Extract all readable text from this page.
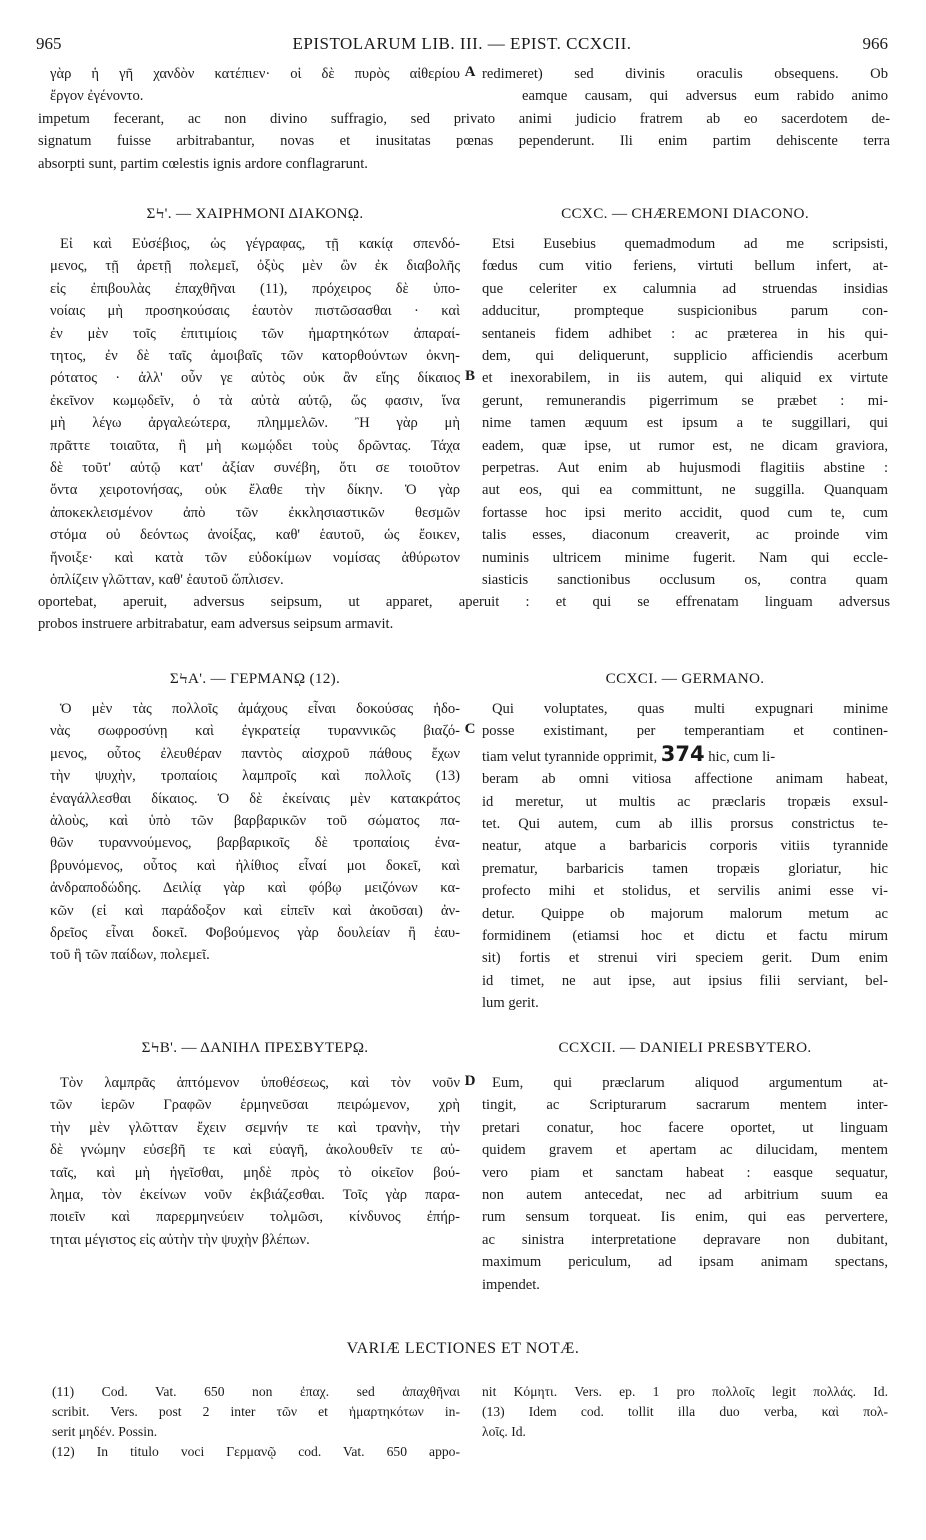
965	EPISTOLARUM LIB. III. — EPIST. CCXCII.	966
γὰρ ἡ γῆ χανδὸν κατέπιεν· οἱ δὲ πυρὸς αἰθερίου
ἔργον ἐγένοντο.
A redimeret) sed divinis oraculis obsequens. Ob
eamque causam, qui adversus eum rabido animo
impetum fecerant, ac non divino suffragio, sed privato animi judicio fratrem ab eo sacerdotem de-
signatum fuisse arbitrabantur, novas et inusitatas pœnas pependerunt. Ili enim partim dehiscente terra
absorpti sunt, partim cœlestis ignis ardore conflagrarunt.
ΣϞ'. — ΧΑΙΡΗΜΟΝΙ ΔΙΑΚΟΝῼ.	CCXC. — CHÆREMONI DIACONO.
Εἰ καὶ Εὐσέβιος, ὡς γέγραφας, τῇ κακίᾳ σπενδό-
μενος, τῇ ἀρετῇ πολεμεῖ, ὀξὺς μὲν ὢν ἐκ διαβολῆς
εἰς ἐπιβουλὰς ἐπαχθῆναι (11), πρόχειρος δὲ ὑπο-
νοίαις μὴ προσηκούσαις ἑαυτὸν πιστῶσασθαι · καὶ
ἐν μὲν τοῖς ἐπιτιμίοις τῶν ἡμαρτηκότων ἀπαραί-
τητος, ἐν δὲ ταῖς ἀμοιβαῖς τῶν κατορθούντων ὀκνη-
ρότατος · ἀλλ' οὖν γε αὐτὸς οὐκ ἂν εἴης δίκαιος
ἐκεῖνον κωμῳδεῖν, ὁ τὰ αὐτὰ αὐτῷ, ὥς φασιν, ἵνα
μὴ λέγω ἀργαλεώτερα, πλημμελῶν. Ἢ γὰρ μὴ
πρᾶττε τοιαῦτα, ἢ μὴ κωμῴδει τοὺς δρῶντας. Τάχα
δὲ τοῦτ' αὐτῷ κατ' ἀξίαν συνέβη, ὅτι σε τοιοῦτον
ὄντα χειροτονήσας, οὐκ ἔλαθε τὴν δίκην. Ὁ γὰρ
ἀποκεκλεισμένον ἀπὸ τῶν ἐκκλησιαστικῶν θεσμῶν
στόμα οὐ δεόντως ἀνοίξας, καθ' ἑαυτοῦ, ὡς ἔοικεν,
ἤνοιξε· καὶ κατὰ τῶν εὐδοκίμων νομίσας ἀθύρωτον
ὁπλίζειν γλῶτταν, καθ' ἑαυτοῦ ὥπλισεν.
B
Etsi Eusebius quemadmodum ad me scripsisti,
fœdus cum vitio feriens, virtuti bellum infert, at-
que celeriter ex calumnia ad struendas insidias
adducitur, prompteque suspicionibus parum con-
sentaneis fidem adhibet : ac præterea in his qui-
dem, qui deliquerunt, supplicio afficiendis acerbum
et inexorabilem, in iis autem, qui aliquid ex virtute
gerunt, remunerandis pigerrimum se præbet : mi-
nime tamen æquum est ipsum a te suggillari, qui
eadem, quæ ipse, ut rumor est, ne dicam graviora,
perpetras. Aut enim ab hujusmodi flagitiis abstine :
aut eos, qui ea committunt, ne suggilla. Quanquam
fortasse hoc ipsi merito accidit, quod cum te, cum
talis esses, diaconum creaverit, ac proinde vim
numinis ultricem minime fugerit. Nam qui eccle-
siasticis sanctionibus occlusum os, contra quam
oportebat, aperuit, adversus seipsum, ut apparet, aperuit : et qui se effrenatam linguam adversus
probos instruere arbitrabatur, eam adversus seipsum armavit.
ΣϞΑ'. — ΓΕΡΜΑΝῼ (12).	CCXCI. — GERMANO.
Ὁ μὲν τὰς πολλοῖς ἀμάχους εἶναι δοκούσας ἡδο-
νὰς σωφροσύνῃ καὶ ἐγκρατείᾳ τυραννικῶς βιαζό-
μενος, οὗτος ἐλευθέραν παντὸς αἰσχροῦ πάθους ἔχων
τὴν ψυχὴν, τροπαίοις λαμπροῖς καὶ πολλοῖς (13)
ἐναγάλλεσθαι δίκαιος. Ὁ δὲ ἐκείναις μὲν κατακράτος
ἁλοὺς, καὶ ὑπὸ τῶν βαρβαρικῶν τοῦ σώματος πα-
θῶν τυραννούμενος, βαρβαρικοῖς δὲ τροπαίοις ἐνα-
βρυνόμενος, οὗτος καὶ ἠλίθιος εἶναί μοι δοκεῖ, καὶ
ἀνδραποδώδης. Δειλίᾳ γὰρ καὶ φόβῳ μειζόνων κα-
κῶν (εἰ καὶ παράδοξον καὶ εἰπεῖν καὶ ἀκοῦσαι) ἀν-
δρεῖος εἶναι δοκεῖ. Φοβούμενος γὰρ δουλείαν ἢ ἑαυ-
τοῦ ἢ τῶν παίδων, πολεμεῖ.
C
Qui voluptates, quas multi expugnari minime
posse existimant, per temperantiam et continen-
tiam velut tyrannide opprimit, 374 hic, cum li-
beram ab omni vitiosa affectione animam habeat,
id meretur, ut multis ac præclaris tropæis exsul-
tet. Qui autem, cum ab illis prorsus constrictus te-
neatur, atque a barbaricis corporis vitiis tyrannide
prematur, barbaricis tamen tropæis gloriatur, hic
profecto mihi et stolidus, et servilis animi esse vi-
detur. Quippe ob majorum malorum metum ac
formidinem (etiamsi hoc et dictu et factu mirum
sit) fortis et strenui viri speciem gerit. Dum enim
id timet, ne aut ipse, aut ipsius filii serviant, bel-
lum gerit.
ΣϞΒ'. — ΔΑΝΙΗΛ ΠΡΕΣΒΥΤΕΡῼ.	CCXCII. — DANIELI PRESBYTERO.
Τὸν λαμπρᾶς ἁπτόμενον ὑποθέσεως, καὶ τὸν νοῦν
τῶν ἱερῶν Γραφῶν ἑρμηνεῦσαι πειρώμενον, χρὴ
τὴν μὲν γλῶτταν ἔχειν σεμνήν τε καὶ τρανὴν, τὴν
δὲ γνώμην εὐσεβῆ τε καὶ εὐαγῆ, ἀκολουθεῖν τε αὐ-
ταῖς, καὶ μὴ ἡγεῖσθαι, μηδὲ πρὸς τὸ οἰκεῖον βού-
λημα, τὸν ἐκείνων νοῦν ἐκβιάζεσθαι. Τοῖς γὰρ παρα-
ποιεῖν καὶ παρερμηνεύειν τολμῶσι, κίνδυνος ἐπήρ-
τηται μέγιστος εἰς αὐτὴν τὴν ψυχὴν βλέπων.
D	Eum, qui præclarum aliquod argumentum at-
tingit, ac Scripturarum sacrarum mentem inter-
pretari conatur, hoc facere oportet, ut linguam
quidem gravem et apertam ac dilucidam, mentem
vero piam et sanctam habeat : easque sequatur,
non autem antecedat, nec ad arbitrium suum ea
rum sensum torqueat. Iis enim, qui eas pervertere,
ac sinistra interpretatione depravare non dubitant,
maximum periculum, ad ipsam animam spectans,
impendet.
VARIÆ LECTIONES ET NOTÆ.
(11) Cod. Vat. 650 non ἐπαχ. sed ἀπαχθῆναι
scribit. Vers. post 2 inter τῶν et ἡμαρτηκότων in-
serit μηδέν. Possin.
(12) In titulo voci Γερμανῷ cod. Vat. 650 appo-
nit Κόμητι. Vers. ep. 1 pro πολλοῖς legit πολλάς. Id.
(13) Idem cod. tollit illa duo verba, καὶ πολ-
λοῖς. Id.
